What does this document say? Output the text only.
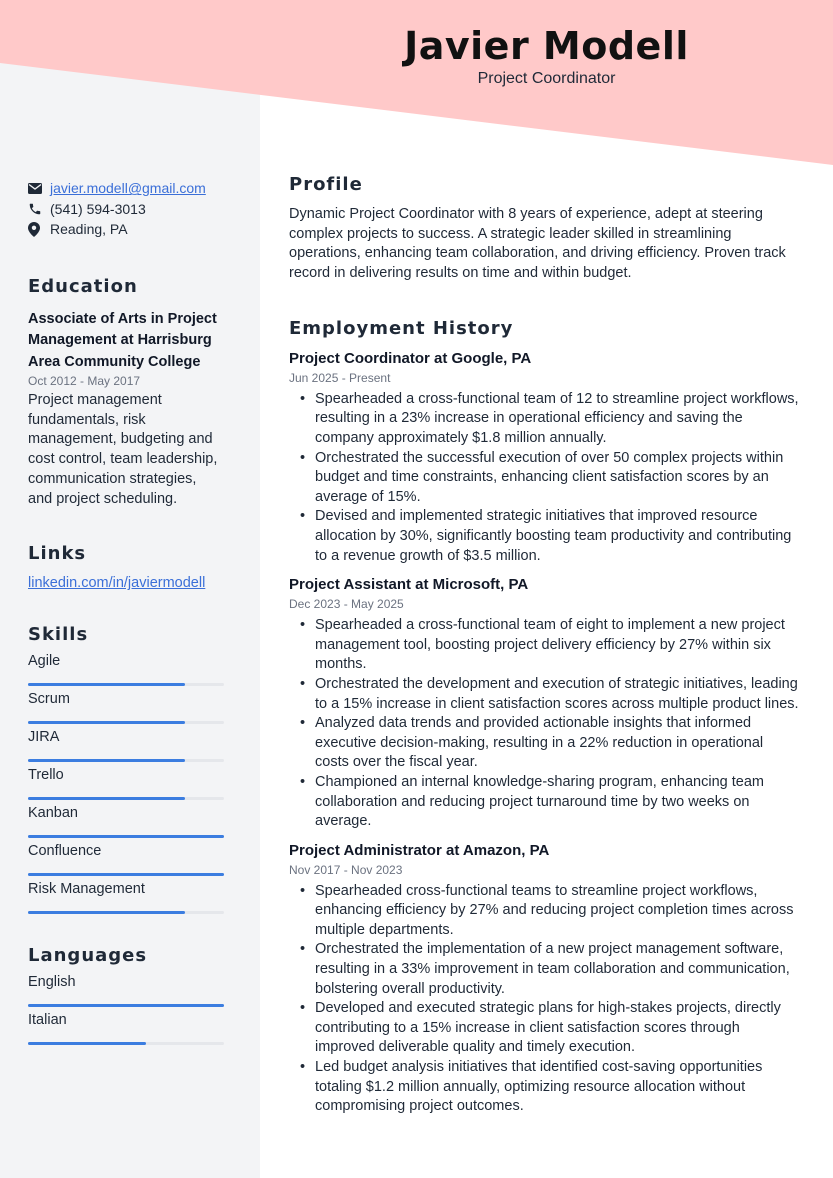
Javier Modell
Project Coordinator
javier.modell@gmail.com
(541) 594-3013
Reading, PA
Education
Associate of Arts in Project Management at Harrisburg Area Community College
Oct 2012 - May 2017
Project management fundamentals, risk management, budgeting and cost control, team leadership, communication strategies, and project scheduling.
Links
linkedin.com/in/javiermodell
Skills
Agile
Scrum
JIRA
Trello
Kanban
Confluence
Risk Management
Languages
English
Italian
Profile

Dynamic Project Coordinator with 8 years of experience, adept at steering complex projects to success. A strategic leader skilled in streamlining operations, enhancing team collaboration, and driving efficiency. Proven track record in delivering results on time and within budget.

Employment History
Project Coordinator at Google, PA
Jun 2025 - Present
• Spearheaded a cross-functional team of 12 to streamline project workflows, resulting in a 23% increase in operational efficiency and saving the company approximately $1.8 million annually.
• Orchestrated the successful execution of over 50 complex projects within budget and time constraints, enhancing client satisfaction scores by an average of 15%.
• Devised and implemented strategic initiatives that improved resource allocation by 30%, significantly boosting team productivity and contributing to a revenue growth of $3.5 million.
Project Assistant at Microsoft, PA
Dec 2023 - May 2025
• Spearheaded a cross-functional team of eight to implement a new project management tool, boosting project delivery efficiency by 27% within six months.
• Orchestrated the development and execution of strategic initiatives, leading to a 15% increase in client satisfaction scores across multiple product lines.
• Analyzed data trends and provided actionable insights that informed executive decision-making, resulting in a 22% reduction in operational costs over the fiscal year.
• Championed an internal knowledge-sharing program, enhancing team collaboration and reducing project turnaround time by two weeks on average.
Project Administrator at Amazon, PA
Nov 2017 - Nov 2023
• Spearheaded cross-functional teams to streamline project workflows, enhancing efficiency by 27% and reducing project completion times across multiple departments.
• Orchestrated the implementation of a new project management software, resulting in a 33% improvement in team collaboration and communication, bolstering overall productivity.
• Developed and executed strategic plans for high-stakes projects, directly contributing to a 15% increase in client satisfaction scores through improved deliverable quality and timely execution.
• Led budget analysis initiatives that identified cost-saving opportunities totaling $1.2 million annually, optimizing resource allocation without compromising project outcomes.
